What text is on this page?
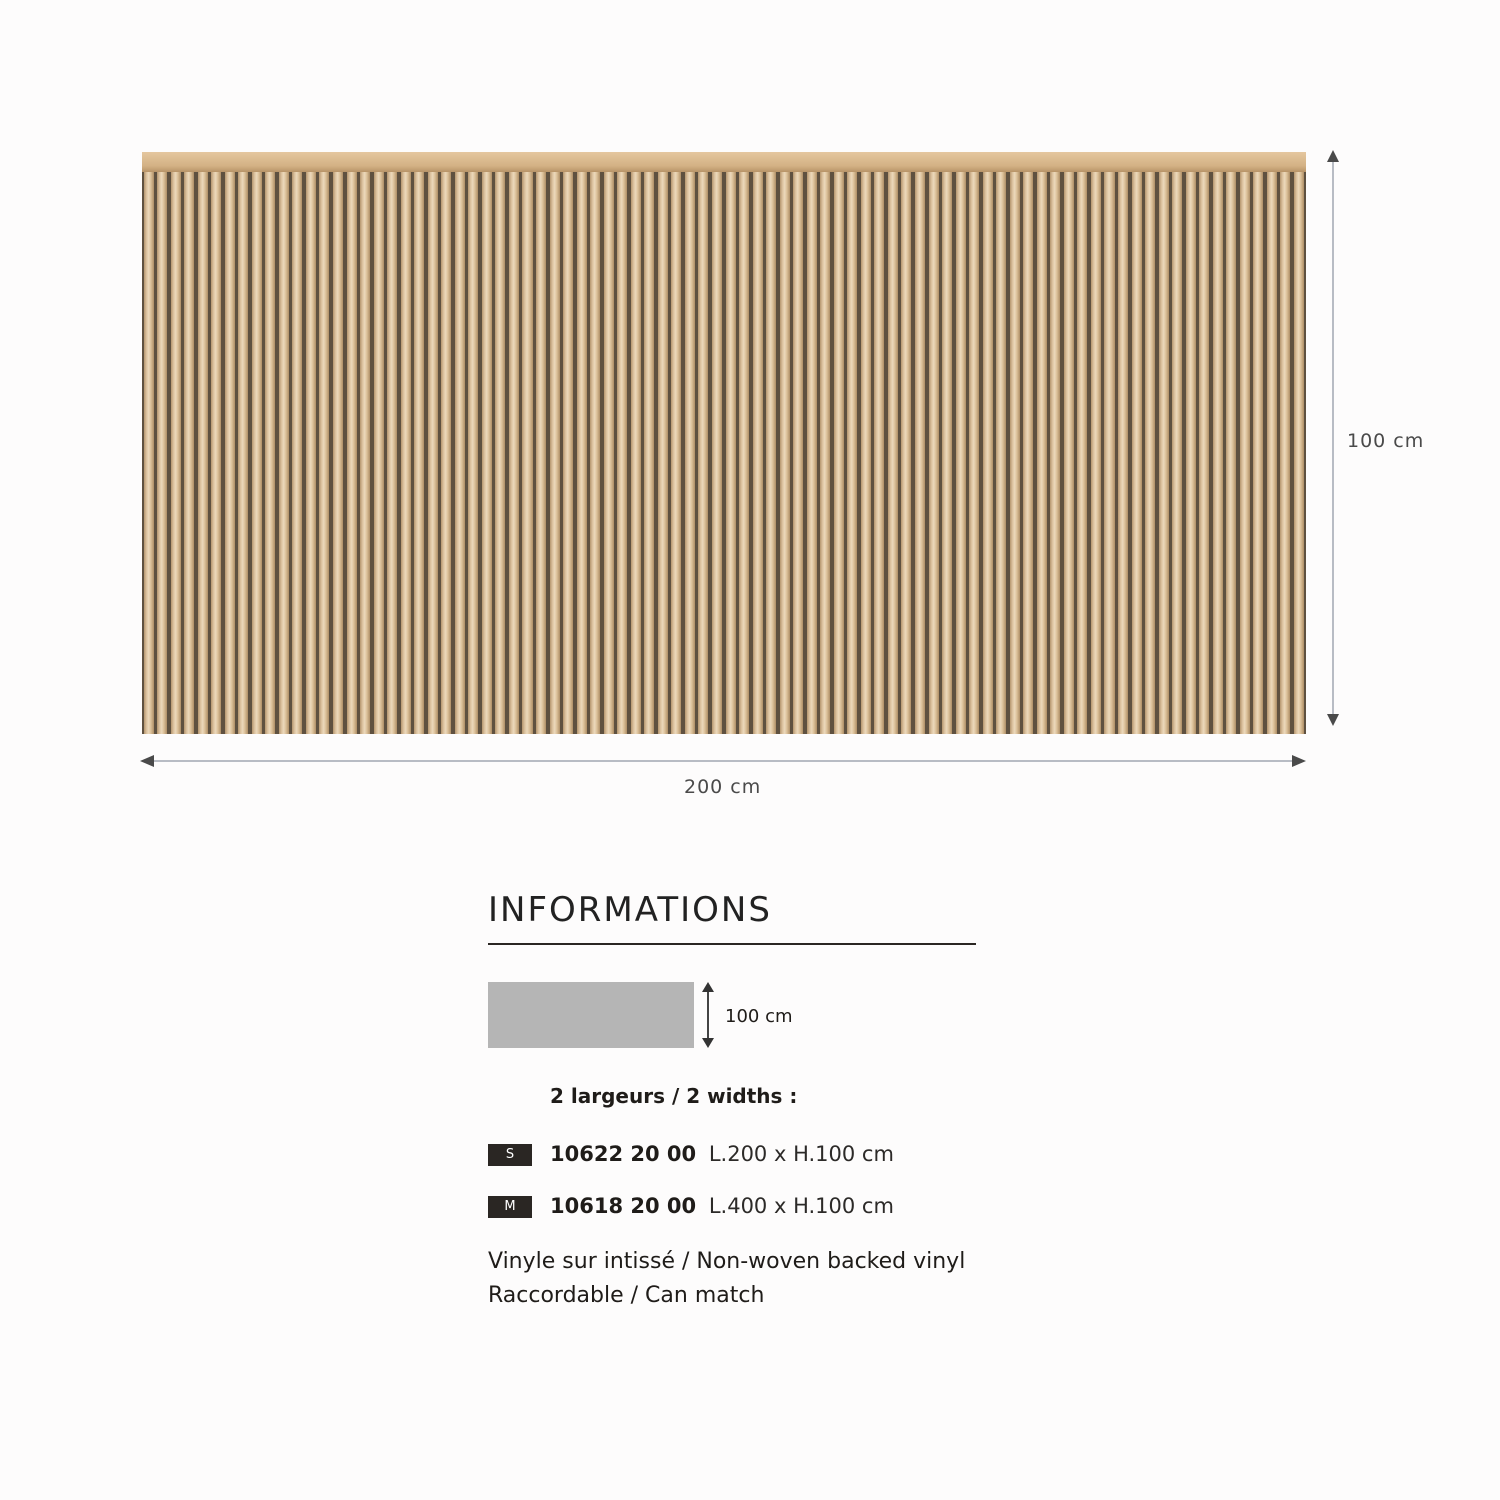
100 cm
200 cm
INFORMATIONS
100 cm
2 largeurs / 2 widths :
S	10622 20 00 L.200 x H.100 cm
M	10618 20 00 L.400 x H.100 cm
Vinyle sur intissé / Non-woven backed vinyl
Raccordable / Can match
